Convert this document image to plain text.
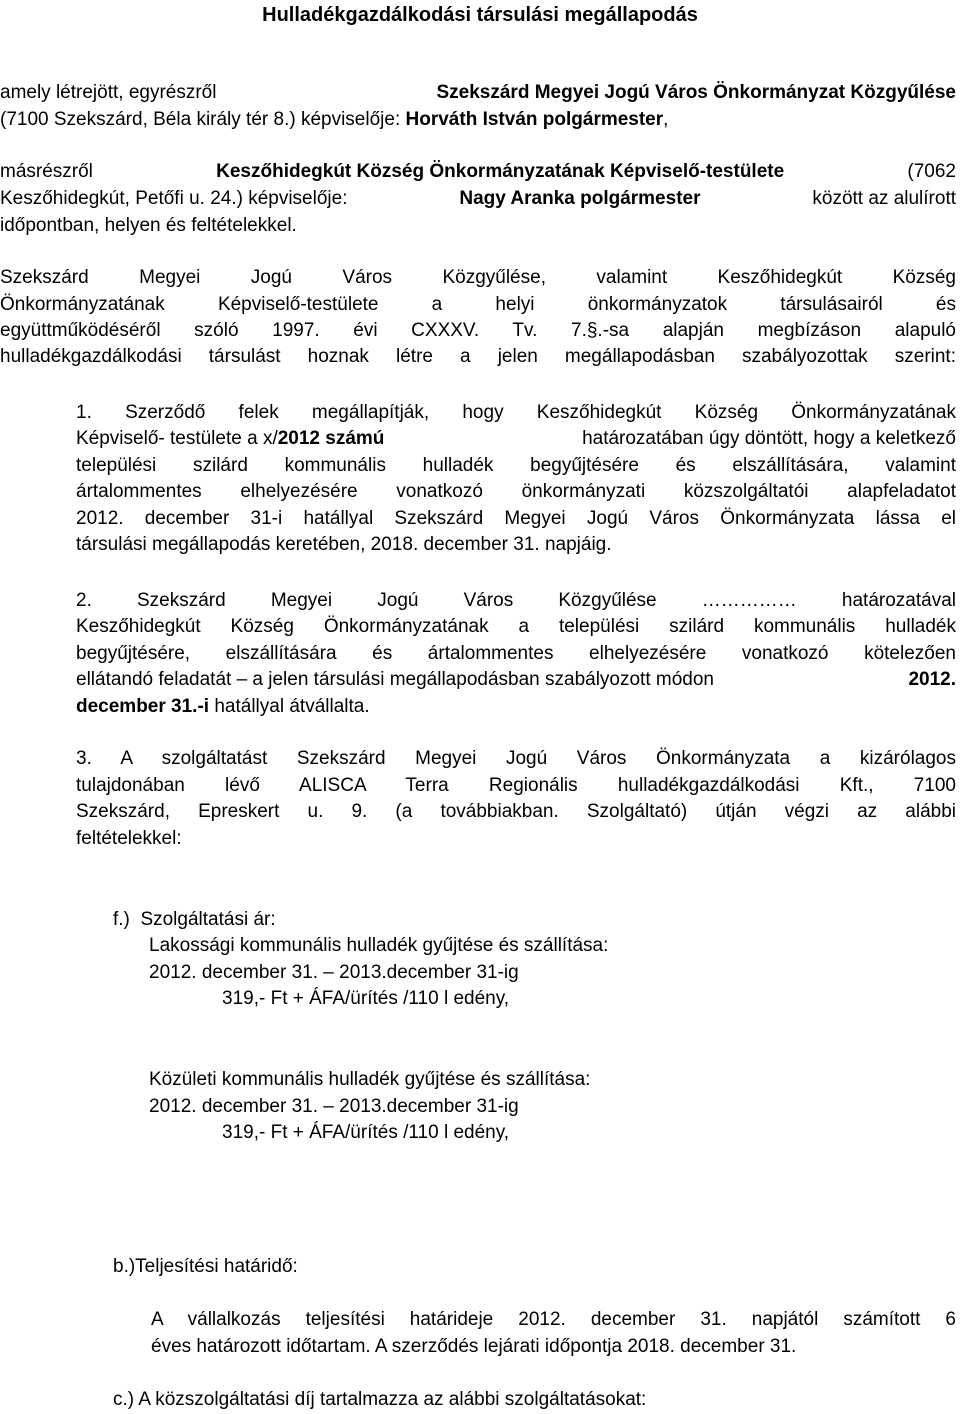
Hulladékgazdálkodási társulási megállapodás
amely létrejött, egyrészről	Szekszárd Megyei Jogú Város Önkormányzat Közgyűlése
(7100 Szekszárd, Béla király tér 8.) képviselője: Horváth István polgármester,
másrészről	Keszőhidegkút Község Önkormányzatának Képviselő-testülete	(7062
Keszőhidegkút, Petőfi u. 24.) képviselője:	Nagy Aranka polgármester	között az alulírott
időpontban, helyen és feltételekkel.
Szekszárd Megyei Jogú Város Közgyűlése, valamint Keszőhidegkút Község
Önkormányzatának Képviselő-testülete a helyi önkormányzatok társulásairól és
együttműködéséről szóló 1997. évi CXXXV. Tv. 7.§.-sa alapján megbízáson alapuló
hulladékgazdálkodási társulást hoznak létre a jelen megállapodásban szabályozottak szerint:
1. Szerződő felek megállapítják, hogy Keszőhidegkút Község Önkormányzatának
Képviselő- testülete a x/2012 számú	határozatában úgy döntött, hogy a keletkező
települési szilárd kommunális hulladék begyűjtésére és elszállítására, valamint
ártalommentes elhelyezésére vonatkozó önkormányzati közszolgáltatói alapfeladatot
2012. december 31-i hatállyal Szekszárd Megyei Jogú Város Önkormányzata lássa el
társulási megállapodás keretében, 2018. december 31. napjáig.
2. Szekszárd Megyei Jogú Város Közgyűlése …………… határozatával
Keszőhidegkút Község Önkormányzatának a települési szilárd kommunális hulladék
begyűjtésére, elszállítására és ártalommentes elhelyezésére vonatkozó kötelezően
ellátandó feladatát – a jelen társulási megállapodásban szabályozott módon	2012.
december 31.-i hatállyal átvállalta.
3. A szolgáltatást Szekszárd Megyei Jogú Város Önkormányzata a kizárólagos
tulajdonában lévő ALISCA Terra Regionális hulladékgazdálkodási Kft., 7100
Szekszárd, Epreskert u. 9. (a továbbiakban. Szolgáltató) útján végzi az alábbi
feltételekkel:
f.)  Szolgáltatási ár:
Lakossági kommunális hulladék gyűjtése és szállítása:
2012. december 31. – 2013.december 31-ig
319,- Ft + ÁFA/ürítés /110 l edény,
Közületi kommunális hulladék gyűjtése és szállítása:
2012. december 31. – 2013.december 31-ig
319,- Ft + ÁFA/ürítés /110 l edény,
b.)Teljesítési határidő:
A vállalkozás teljesítési határideje 2012. december 31. napjától számított 6
éves határozott időtartam. A szerződés lejárati időpontja 2018. december 31.
c.) A közszolgáltatási díj tartalmazza az alábbi szolgáltatásokat:
